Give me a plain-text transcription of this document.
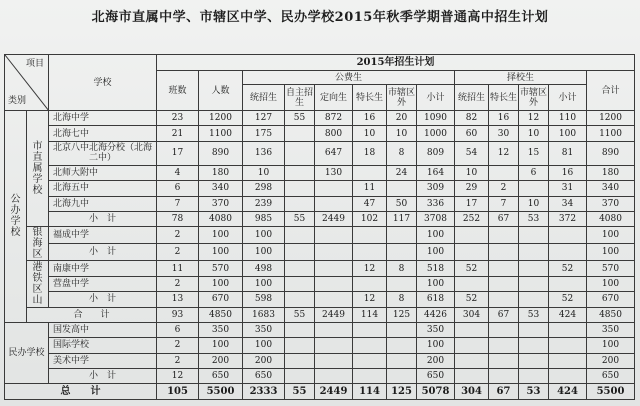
北海市直属中学、市辖区中学、民办学校2015年秋季学期普通高中招生计划
项目
类别		学校	2015年招生计划												
			班数	人数	公费生						择校生				合计
					统招生	自主招生	定向生	特长生	市辖区外	小计	统招生	特长生	市辖区外	小计	
公办学校	市直属学校	北海中学	23	1200	127	55	872	16	20	1090	82	16	12	110	1200
		北海七中	21	1100	175		800	10	10	1000	60	30	10	100	1100
		北京八中北海分校（北海二中）	17	890	136		647	18	8	809	54	12	15	81	890
		北师大附中	4	180	10		130		24	164	10		6	16	180
		北海五中	6	340	298			11		309	29	2		31	340
		北海九中	7	370	239			47	50	336	17	7	10	34	370
		小　计	78	4080	985	55	2449	102	117	3708	252	67	53	372	4080
	银海区	福成中学	2	100	100					100					100
		小　计	2	100	100					100					100
	港铁区山	南康中学	11	570	498			12	8	518	52			52	570
		营盘中学	2	100	100					100					100
		小　计	13	670	598			12	8	618	52			52	670
	合　　计		93	4850	1683	55	2449	114	125	4426	304	67	53	424	4850
民办学校		国发高中	6	350	350					350					350
		国际学校	2	100	100					100					100
		美术中学	2	200	200					200					200
		小　计	12	650	650					650					650
总　　计			105	5500	2333	55	2449	114	125	5078	304	67	53	424	5500
